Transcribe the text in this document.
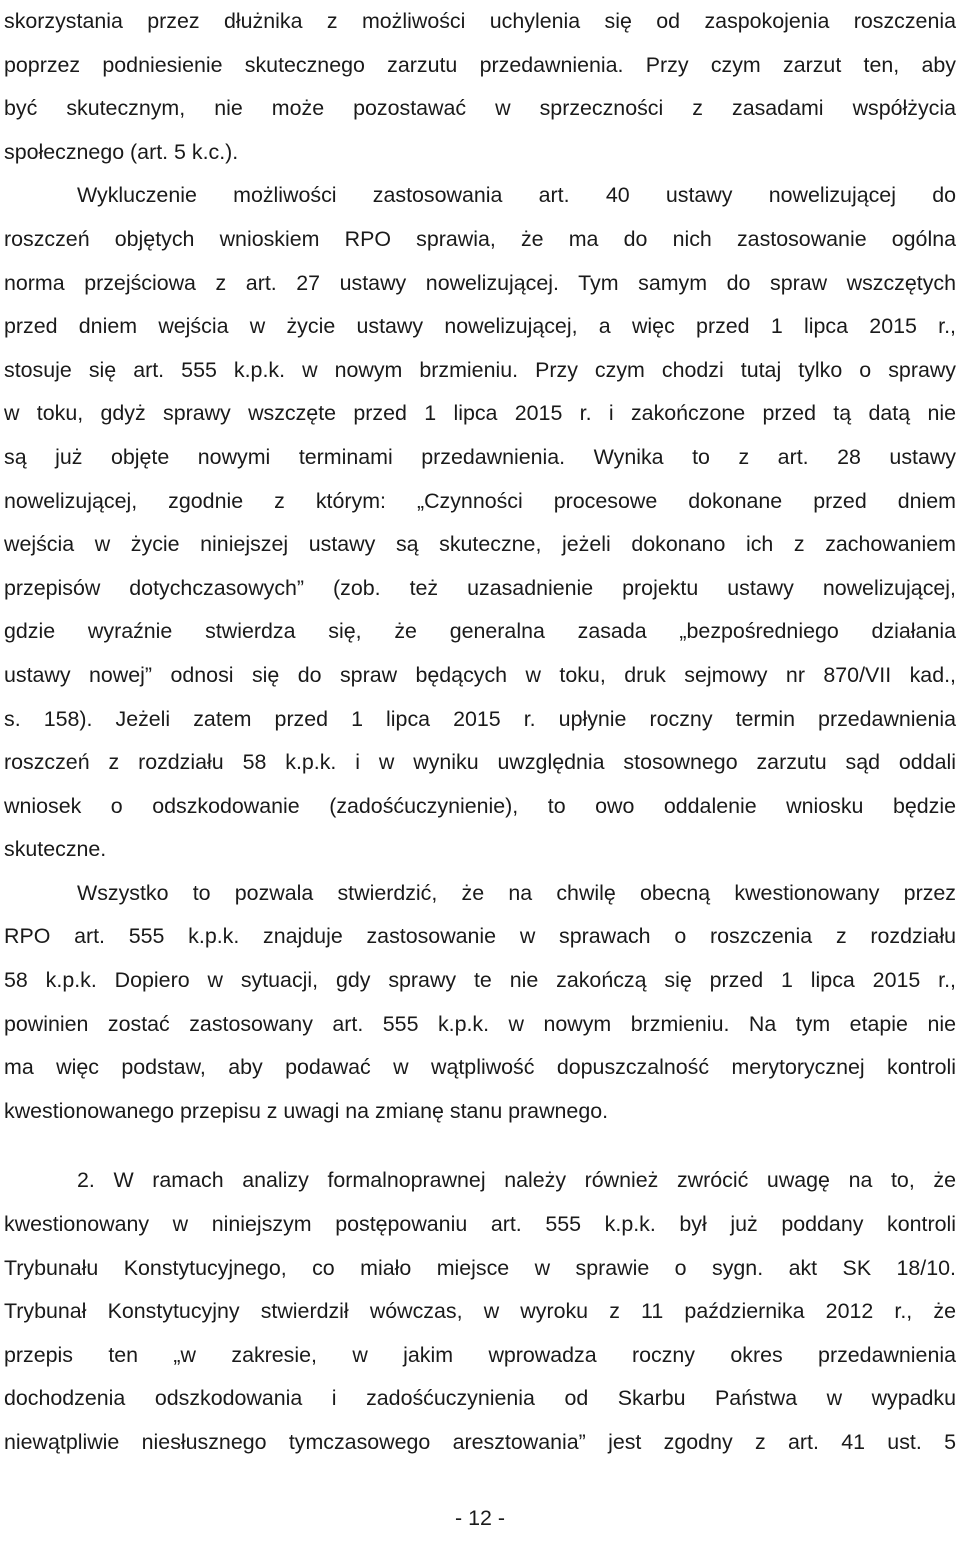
skorzystania przez dłużnika z możliwości uchylenia się od zaspokojenia roszczenia
poprzez podniesienie skutecznego zarzutu przedawnienia. Przy czym zarzut ten, aby
być skutecznym, nie może pozostawać w sprzeczności z zasadami współżycia
społecznego (art. 5 k.c.).
Wykluczenie możliwości zastosowania art. 40 ustawy nowelizującej do
roszczeń objętych wnioskiem RPO sprawia, że ma do nich zastosowanie ogólna
norma przejściowa z art. 27 ustawy nowelizującej. Tym samym do spraw wszczętych
przed dniem wejścia w życie ustawy nowelizującej, a więc przed 1 lipca 2015 r.,
stosuje się art. 555 k.p.k. w nowym brzmieniu. Przy czym chodzi tutaj tylko o sprawy
w toku, gdyż sprawy wszczęte przed 1 lipca 2015 r. i zakończone przed tą datą nie
są już objęte nowymi terminami przedawnienia. Wynika to z art. 28 ustawy
nowelizującej, zgodnie z którym: „Czynności procesowe dokonane przed dniem
wejścia w życie niniejszej ustawy są skuteczne, jeżeli dokonano ich z zachowaniem
przepisów dotychczasowych” (zob. też uzasadnienie projektu ustawy nowelizującej,
gdzie wyraźnie stwierdza się, że generalna zasada „bezpośredniego działania
ustawy nowej” odnosi się do spraw będących w toku, druk sejmowy nr 870/VII kad.,
s. 158). Jeżeli zatem przed 1 lipca 2015 r. upłynie roczny termin przedawnienia
roszczeń z rozdziału 58 k.p.k. i w wyniku uwzględnia stosownego zarzutu sąd oddali
wniosek o odszkodowanie (zadośćuczynienie), to owo oddalenie wniosku będzie
skuteczne.
Wszystko to pozwala stwierdzić, że na chwilę obecną kwestionowany przez
RPO art. 555 k.p.k. znajduje zastosowanie w sprawach o roszczenia z rozdziału
58 k.p.k. Dopiero w sytuacji, gdy sprawy te nie zakończą się przed 1 lipca 2015 r.,
powinien zostać zastosowany art. 555 k.p.k. w nowym brzmieniu. Na tym etapie nie
ma więc podstaw, aby podawać w wątpliwość dopuszczalność merytorycznej kontroli
kwestionowanego przepisu z uwagi na zmianę stanu prawnego.
2. W ramach analizy formalnoprawnej należy również zwrócić uwagę na to, że
kwestionowany w niniejszym postępowaniu art. 555 k.p.k. był już poddany kontroli
Trybunału Konstytucyjnego, co miało miejsce w sprawie o sygn. akt SK 18/10.
Trybunał Konstytucyjny stwierdził wówczas, w wyroku z 11 października 2012 r., że
przepis ten „w zakresie, w jakim wprowadza roczny okres przedawnienia
dochodzenia odszkodowania i zadośćuczynienia od Skarbu Państwa w wypadku
niewątpliwie niesłusznego tymczasowego aresztowania” jest zgodny z art. 41 ust. 5
- 12 -
